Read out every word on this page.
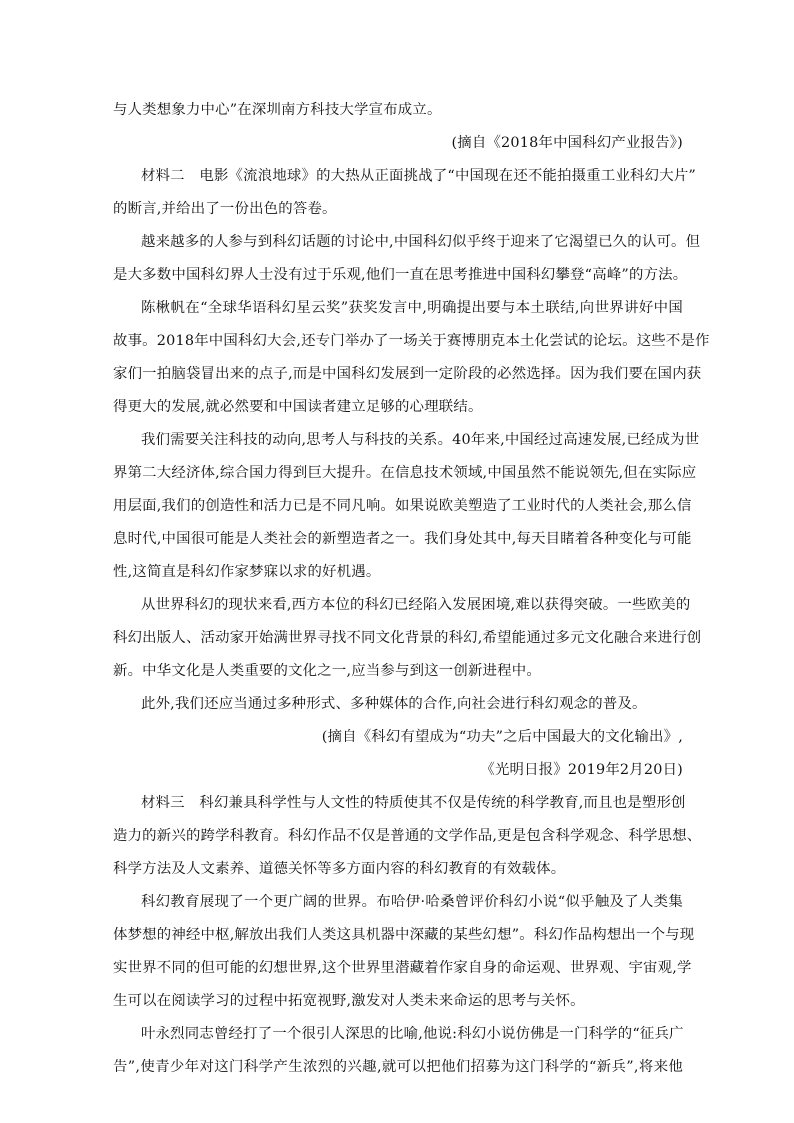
与人类想象力中心”在深圳南方科技大学宣布成立。
(摘自《2018年中国科幻产业报告》)
材料二　电影《流浪地球》的大热从正面挑战了“中国现在还不能拍摄重工业科幻大片”
的断言,并给出了一份出色的答卷。
越来越多的人参与到科幻话题的讨论中,中国科幻似乎终于迎来了它渴望已久的认可。但
是大多数中国科幻界人士没有过于乐观,他们一直在思考推进中国科幻攀登“高峰”的方法。
陈楸帆在“全球华语科幻星云奖”获奖发言中,明确提出要与本土联结,向世界讲好中国
故事。2018年中国科幻大会,还专门举办了一场关于赛博朋克本土化尝试的论坛。这些不是作
家们一拍脑袋冒出来的点子,而是中国科幻发展到一定阶段的必然选择。因为我们要在国内获
得更大的发展,就必然要和中国读者建立足够的心理联结。
我们需要关注科技的动向,思考人与科技的关系。40年来,中国经过高速发展,已经成为世
界第二大经济体,综合国力得到巨大提升。在信息技术领域,中国虽然不能说领先,但在实际应
用层面,我们的创造性和活力已是不同凡响。如果说欧美塑造了工业时代的人类社会,那么信
息时代,中国很可能是人类社会的新塑造者之一。我们身处其中,每天目睹着各种变化与可能
性,这简直是科幻作家梦寐以求的好机遇。
从世界科幻的现状来看,西方本位的科幻已经陷入发展困境,难以获得突破。一些欧美的
科幻出版人、活动家开始满世界寻找不同文化背景的科幻,希望能通过多元文化融合来进行创
新。中华文化是人类重要的文化之一,应当参与到这一创新进程中。
此外,我们还应当通过多种形式、多种媒体的合作,向社会进行科幻观念的普及。
(摘自《科幻有望成为“功夫”之后中国最大的文化输出》,
《光明日报》2019年2月20日)
材料三　科幻兼具科学性与人文性的特质使其不仅是传统的科学教育,而且也是塑形创
造力的新兴的跨学科教育。科幻作品不仅是普通的文学作品,更是包含科学观念、科学思想、
科学方法及人文素养、道德关怀等多方面内容的科幻教育的有效载体。
科幻教育展现了一个更广阔的世界。布哈伊·哈桑曾评价科幻小说“似乎触及了人类集
体梦想的神经中枢,解放出我们人类这具机器中深藏的某些幻想”。科幻作品构想出一个与现
实世界不同的但可能的幻想世界,这个世界里潜藏着作家自身的命运观、世界观、宇宙观,学
生可以在阅读学习的过程中拓宽视野,激发对人类未来命运的思考与关怀。
叶永烈同志曾经打了一个很引人深思的比喻,他说:科幻小说仿佛是一门科学的“征兵广
告”,使青少年对这门科学产生浓烈的兴趣,就可以把他们招募为这门科学的“新兵”,将来他
